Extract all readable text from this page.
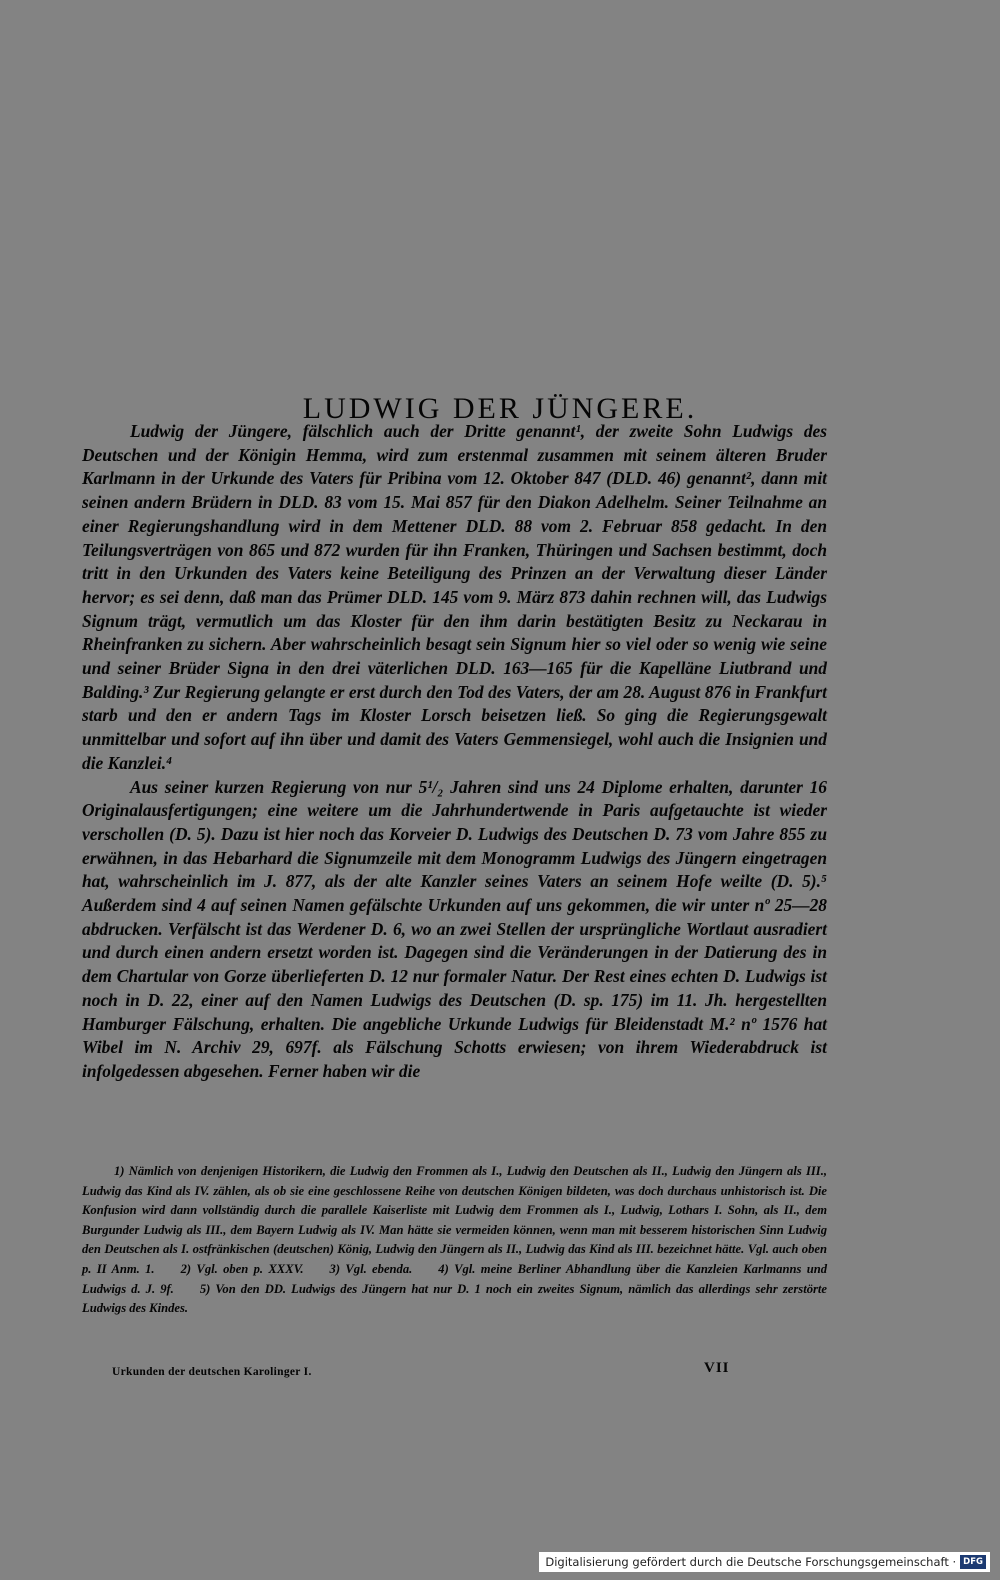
LUDWIG DER JÜNGERE.

Ludwig der Jüngere, fälschlich auch der Dritte genannt¹, der zweite Sohn Ludwigs des Deutschen und der Königin Hemma, wird zum erstenmal zusammen mit seinem älteren Bruder Karlmann in der Urkunde des Vaters für Pribina vom 12. Oktober 847 (DLD. 46) genannt², dann mit seinen andern Brüdern in DLD. 83 vom 15. Mai 857 für den Diakon Adelhelm. Seiner Teilnahme an einer Regierungshandlung wird in dem Mettener DLD. 88 vom 2. Februar 858 gedacht. In den Teilungsverträgen von 865 und 872 wurden für ihn Franken, Thüringen und Sachsen bestimmt, doch tritt in den Urkunden des Vaters keine Beteiligung des Prinzen an der Verwaltung dieser Länder hervor; es sei denn, daß man das Prümer DLD. 145 vom 9. März 873 dahin rechnen will, das Ludwigs Signum trägt, vermutlich um das Kloster für den ihm darin bestätigten Besitz zu Neckarau in Rheinfranken zu sichern. Aber wahrscheinlich besagt sein Signum hier so viel oder so wenig wie seine und seiner Brüder Signa in den drei väterlichen DLD. 163—165 für die Kapelläne Liutbrand und Balding.³ Zur Regierung gelangte er erst durch den Tod des Vaters, der am 28. August 876 in Frankfurt starb und den er andern Tags im Kloster Lorsch beisetzen ließ. So ging die Regierungsgewalt unmittelbar und sofort auf ihn über und damit des Vaters Gemmensiegel, wohl auch die Insignien und die Kanzlei.⁴

Aus seiner kurzen Regierung von nur 5¹/₂ Jahren sind uns 24 Diplome erhalten, darunter 16 Originalausfertigungen; eine weitere um die Jahrhundertwende in Paris aufgetauchte ist wieder verschollen (D. 5). Dazu ist hier noch das Korveier D. Ludwigs des Deutschen D. 73 vom Jahre 855 zu erwähnen, in das Hebarhard die Signumzeile mit dem Monogramm Ludwigs des Jüngern eingetragen hat, wahrscheinlich im J. 877, als der alte Kanzler seines Vaters an seinem Hofe weilte (D. 5).⁵ Außerdem sind 4 auf seinen Namen gefälschte Urkunden auf uns gekommen, die wir unter nº 25—28 abdrucken. Verfälscht ist das Werdener D. 6, wo an zwei Stellen der ursprüngliche Wortlaut ausradiert und durch einen andern ersetzt worden ist. Dagegen sind die Veränderungen in der Datierung des in dem Chartular von Gorze überlieferten D. 12 nur formaler Natur. Der Rest eines echten D. Ludwigs ist noch in D. 22, einer auf den Namen Ludwigs des Deutschen (D. sp. 175) im 11. Jh. hergestellten Hamburger Fälschung, erhalten. Die angebliche Urkunde Ludwigs für Bleidenstadt M.² nº 1576 hat Wibel im N. Archiv 29, 697f. als Fälschung Schotts erwiesen; von ihrem Wiederabdruck ist infolgedessen abgesehen. Ferner haben wir die

1) Nämlich von denjenigen Historikern, die Ludwig den Frommen als I., Ludwig den Deutschen als II., Ludwig den Jüngern als III., Ludwig das Kind als IV. zählen, als ob sie eine geschlossene Reihe von deutschen Königen bildeten, was doch durchaus unhistorisch ist. Die Konfusion wird dann vollständig durch die parallele Kaiserliste mit Ludwig dem Frommen als I., Ludwig, Lothars I. Sohn, als II., dem Burgunder Ludwig als III., dem Bayern Ludwig als IV. Man hätte sie vermeiden können, wenn man mit besserem historischen Sinn Ludwig den Deutschen als I. ostfränkischen (deutschen) König, Ludwig den Jüngern als II., Ludwig das Kind als III. bezeichnet hätte. Vgl. auch oben p. II Anm. 1. 2) Vgl. oben p. XXXV. 3) Vgl. ebenda. 4) Vgl. meine Berliner Abhandlung über die Kanzleien Karlmanns und Ludwigs d. J. 9f. 5) Von den DD. Ludwigs des Jüngern hat nur D. 1 noch ein zweites Signum, nämlich das allerdings sehr zerstörte Ludwigs des Kindes.

Urkunden der deutschen Karolinger I.	VII
Digitalisierung gefördert durch die Deutsche Forschungsgemeinschaft · DFG
